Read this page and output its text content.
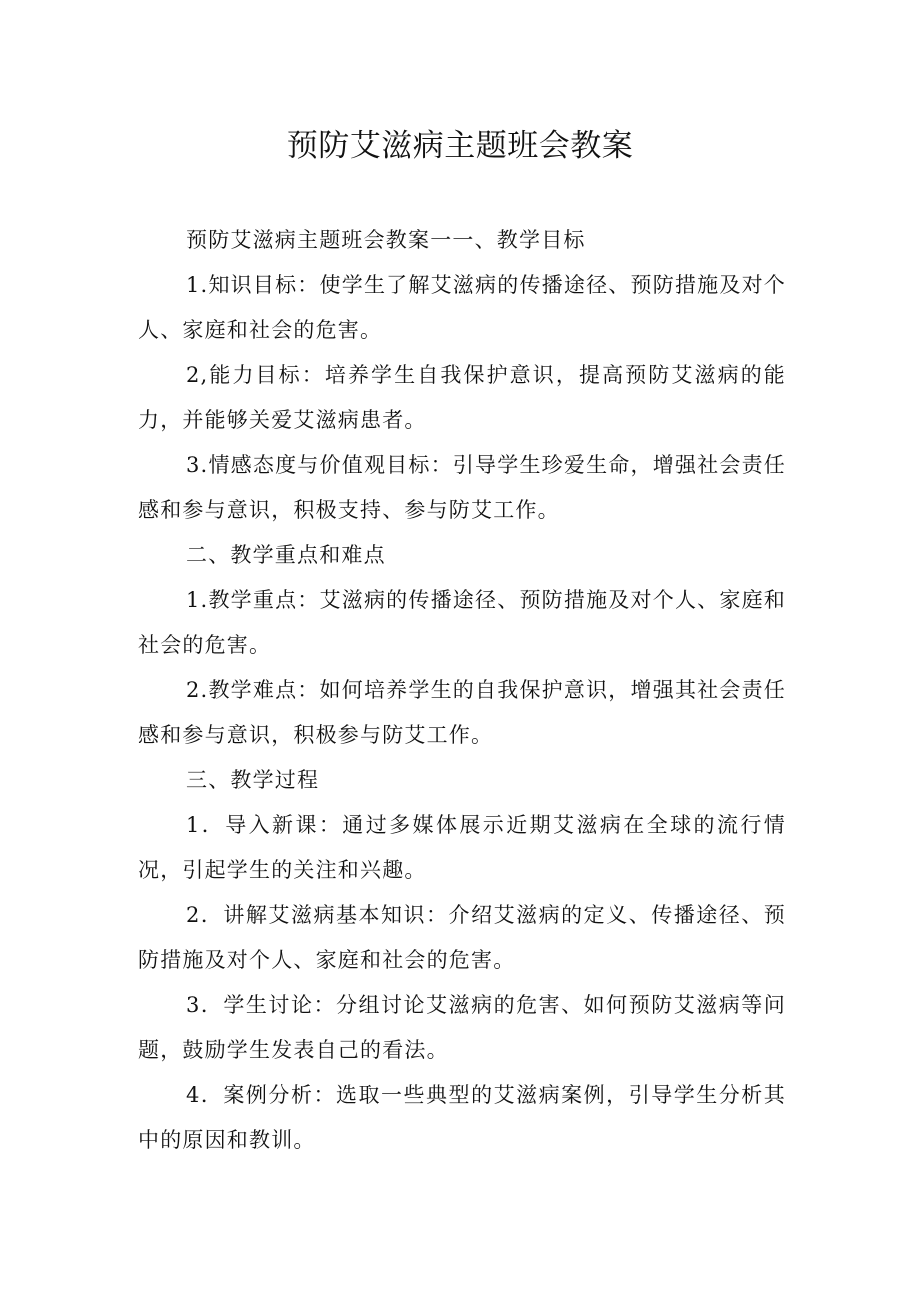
预防艾滋病主题班会教案

预防艾滋病主题班会教案一一、教学目标

1.知识目标：使学生了解艾滋病的传播途径、预防措施及对个人、家庭和社会的危害。

2,能力目标：培养学生自我保护意识，提高预防艾滋病的能力，并能够关爱艾滋病患者。

3.情感态度与价值观目标：引导学生珍爱生命，增强社会责任感和参与意识，积极支持、参与防艾工作。

二、教学重点和难点

1.教学重点：艾滋病的传播途径、预防措施及对个人、家庭和社会的危害。

2.教学难点：如何培养学生的自我保护意识，增强其社会责任感和参与意识，积极参与防艾工作。

三、教学过程

1．导入新课：通过多媒体展示近期艾滋病在全球的流行情况，引起学生的关注和兴趣。

2．讲解艾滋病基本知识：介绍艾滋病的定义、传播途径、预防措施及对个人、家庭和社会的危害。

3．学生讨论：分组讨论艾滋病的危害、如何预防艾滋病等问题，鼓励学生发表自己的看法。

4．案例分析：选取一些典型的艾滋病案例，引导学生分析其中的原因和教训。
